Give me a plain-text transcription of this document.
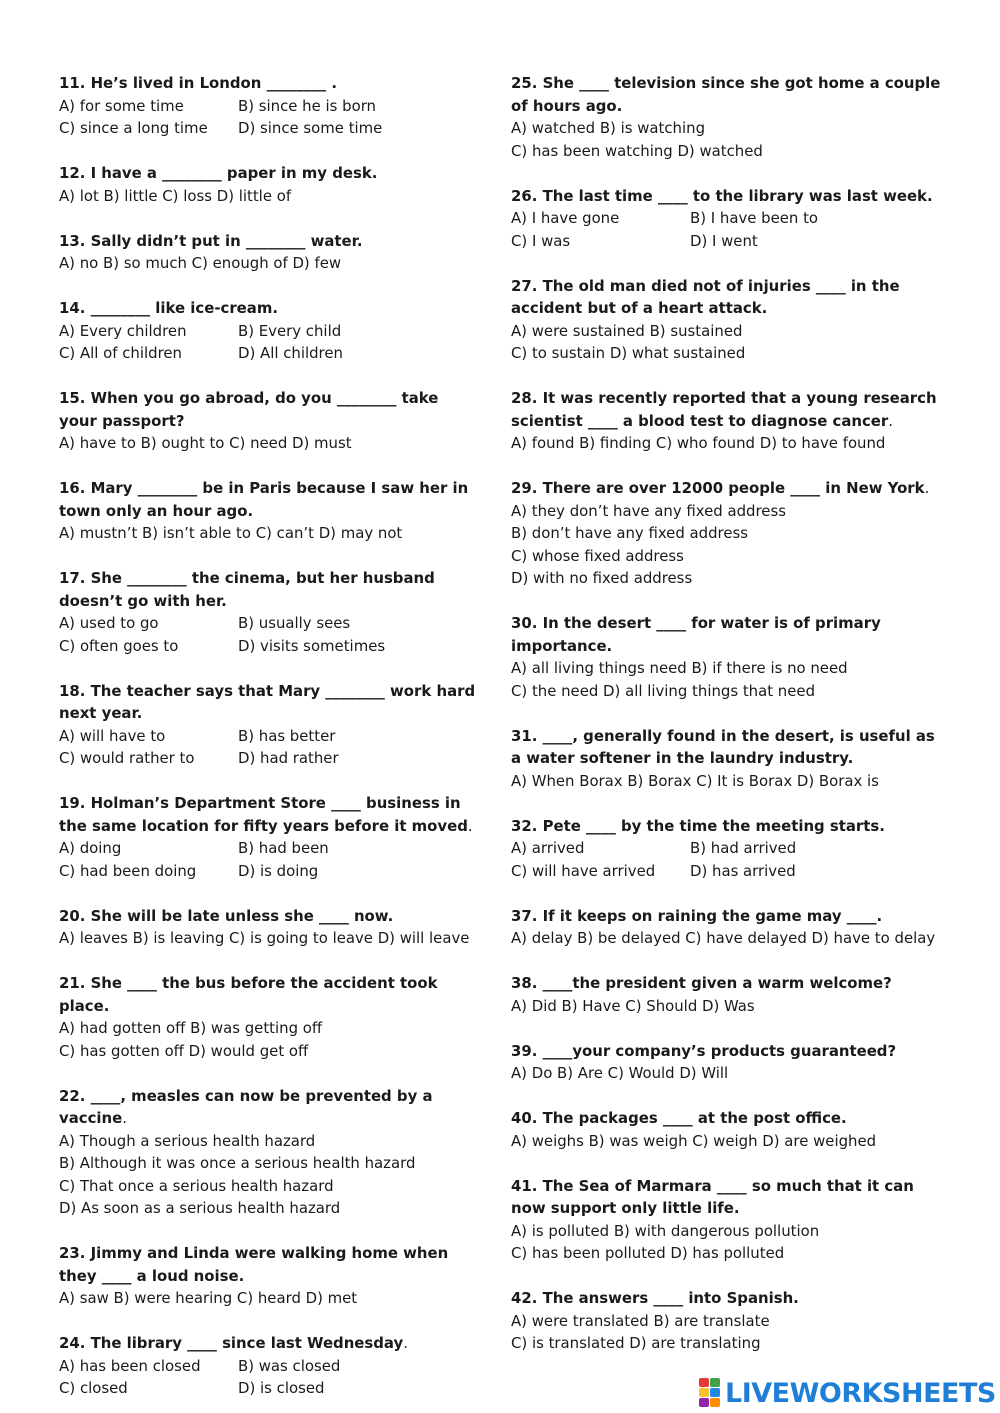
11. He’s lived in London ________ .
A) for some time	B) since he is born
C) since a long time	D) since some time
12. I have a ________ paper in my desk.
A) lot B) little C) loss D) little of
13. Sally didn’t put in ________ water.
A) no B) so much C) enough of D) few
14. ________ like ice-cream.
A) Every children	B) Every child
C) All of children	D) All children
15. When you go abroad, do you ________ take your passport?
A) have to B) ought to C) need D) must
16. Mary ________ be in Paris because I saw her in town only an hour ago.
A) mustn’t B) isn’t able to C) can’t D) may not
17. She ________ the cinema, but her husband doesn’t go with her.
A) used to go	B) usually sees
C) often goes to	D) visits sometimes
18. The teacher says that Mary ________ work hard next year.
A) will have to	B) has better
C) would rather to	D) had rather
19. Holman’s Department Store ____ business in the same location for fifty years before it moved.
A) doing	B) had been
C) had been doing	D) is doing
20. She will be late unless she ____ now.
A) leaves B) is leaving C) is going to leave D) will leave
21. She ____ the bus before the accident took place.
A) had gotten off B) was getting off
C) has gotten off D) would get off
22. ____, measles can now be prevented by a vaccine.
A) Though a serious health hazard
B) Although it was once a serious health hazard
C) That once a serious health hazard
D) As soon as a serious health hazard
23. Jimmy and Linda were walking home when they ____ a loud noise.
A) saw B) were hearing C) heard D) met
24. The library ____ since last Wednesday.
A) has been closed	B) was closed
C) closed	D) is closed
25. She ____ television since she got home a couple of hours ago.
A) watched B) is watching
C) has been watching D) watched
26. The last time ____ to the library was last week.
A) I have gone	B) I have been to
C) I was	D) I went
27. The old man died not of injuries ____ in the accident but of a heart attack.
A) were sustained B) sustained
C) to sustain D) what sustained
28. It was recently reported that a young research scientist ____ a blood test to diagnose cancer.
A) found B) finding C) who found D) to have found
29. There are over 12000 people ____ in New York.
A) they don’t have any fixed address
B) don’t have any fixed address
C) whose fixed address
D) with no fixed address
30. In the desert ____ for water is of primary importance.
A) all living things need B) if there is no need
C) the need D) all living things that need
31. ____, generally found in the desert, is useful as a water softener in the laundry industry.
A) When Borax B) Borax C) It is Borax D) Borax is
32. Pete ____ by the time the meeting starts.
A) arrived	B) had arrived
C) will have arrived	D) has arrived
37. If it keeps on raining the game may ____.
A) delay B) be delayed C) have delayed D) have to delay
38. ____the president given a warm welcome?
A) Did B) Have C) Should D) Was
39. ____your company’s products guaranteed?
A) Do B) Are C) Would D) Will
40. The packages ____ at the post office.
A) weighs B) was weigh C) weigh D) are weighed
41. The Sea of Marmara ____ so much that it can now support only little life.
A) is polluted B) with dangerous pollution
C) has been polluted D) has polluted
42. The answers ____ into Spanish.
A) were translated B) are translate
C) is translated D) are translating
LIVEWORKSHEETS
